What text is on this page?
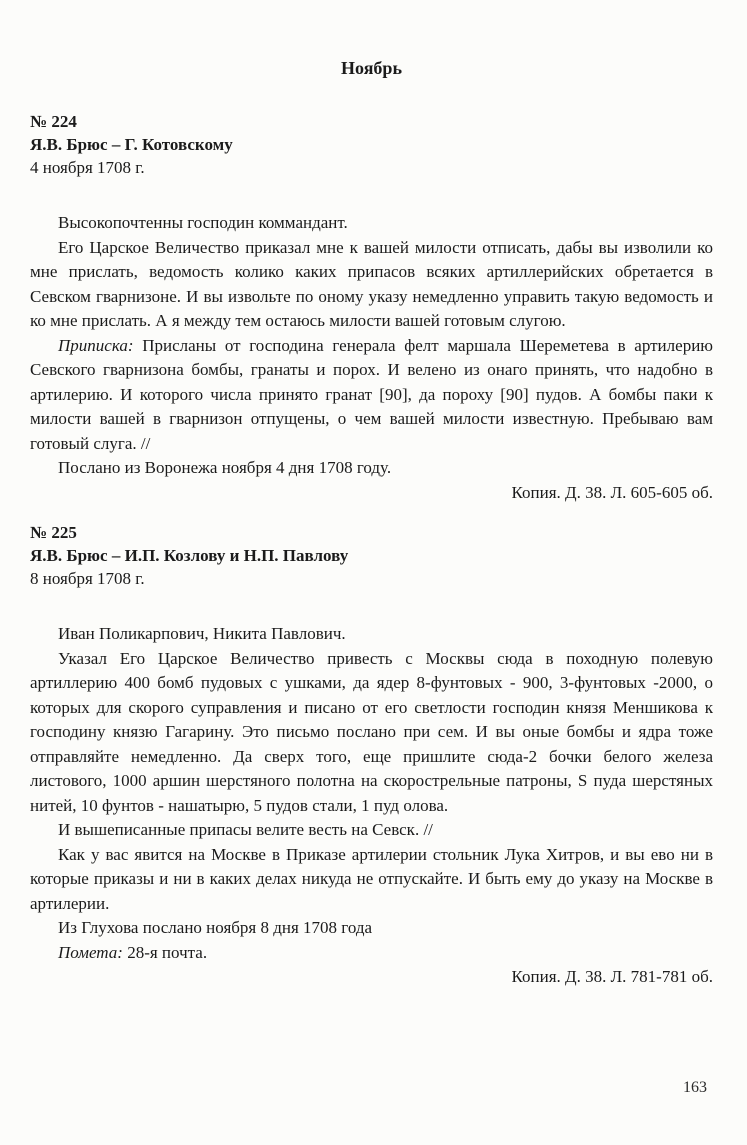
Ноябрь
№ 224
Я.В. Брюс – Г. Котовскому
4 ноября 1708 г.

Высокопочтенны господин коммандант.

Его Царское Величество приказал мне к вашей милости отписать, дабы вы изволили ко мне прислать, ведомость колико каких припасов всяких артиллерийских обретается в Севском гварнизоне. И вы извольте по оному указу немедленно управить такую ведомость и ко мне прислать. А я между тем остаюсь милости вашей готовым слугою.

Приписка: Присланы от господина генерала фелт маршала Шереметева в артилерию Севского гварнизона бомбы, гранаты и порох. И велено из онаго принять, что надобно в артилерию. И которого числа принято гранат [90], да пороху [90] пудов. А бомбы паки к милости вашей в гварнизон отпущены, о чем вашей милости известную. Пребываю вам готовый слуга. //

Послано из Воронежа ноября 4 дня 1708 году.

Копия. Д. 38. Л. 605-605 об.
№ 225
Я.В. Брюс – И.П. Козлову и Н.П. Павлову
8 ноября 1708 г.

Иван Поликарпович, Никита Павлович.

Указал Его Царское Величество привесть с Москвы сюда в походную полевую артиллерию 400 бомб пудовых с ушками, да ядер 8-фунтовых - 900, 3-фунтовых -2000, о которых для скорого суправления и писано от его светлости господин князя Меншикова к господину князю Гагарину. Это письмо послано при сем. И вы оные бомбы и ядра тоже отправляйте немедленно. Да сверх того, еще пришлите сюда-2 бочки белого железа листового, 1000 аршин шерстяного полотна на скорострельные патроны, S пуда шерстяных нитей, 10 фунтов - нашатырю, 5 пудов стали, 1 пуд олова.

И вышеписанные припасы велите весть на Севск. //

Как у вас явится на Москве в Приказе артилерии стольник Лука Хитров, и вы ево ни в которые приказы и ни в каких делах никуда не отпускайте. И быть ему до указу на Москве в артилерии.

Из Глухова послано ноября 8 дня 1708 года

Помета: 28-я почта.

Копия. Д. 38. Л. 781-781 об.
163
